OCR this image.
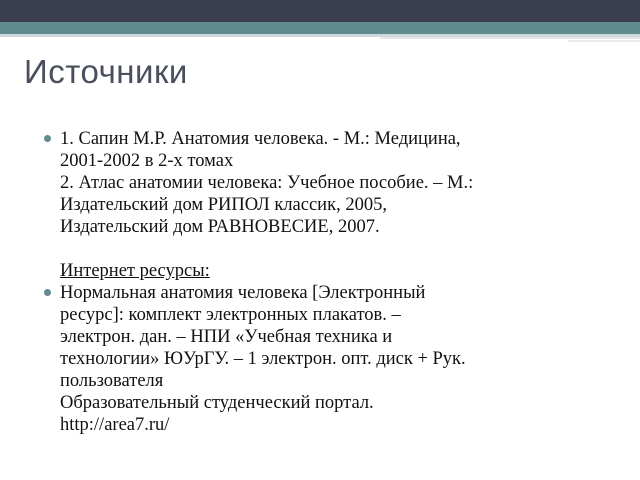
Источники
1. Сапин М.Р. Анатомия человека. - М.: Медицина,
2001-2002 в 2-х томах
2. Атлас анатомии человека: Учебное пособие. – М.:
Издательский дом РИПОЛ классик, 2005,
Издательский дом РАВНОВЕСИЕ, 2007.
Интернет ресурсы:
Нормальная анатомия человека [Электронный
ресурс]: комплект электронных плакатов. –
электрон. дан. – НПИ «Учебная техника и
технологии» ЮУрГУ. – 1 электрон. опт. диск + Рук.
пользователя
Образовательный студенческий портал.
http://area7.ru/
